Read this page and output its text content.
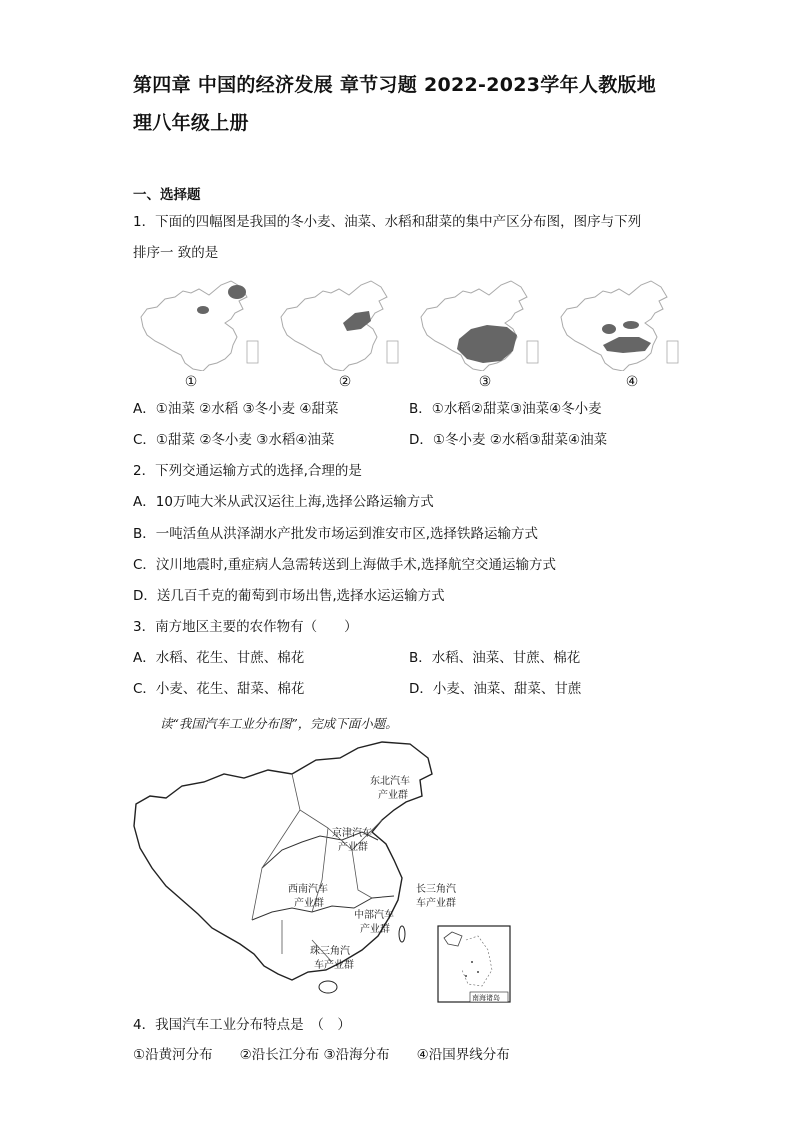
第四章 中国的经济发展 章节习题 2022-2023学年人教版地
理八年级上册
一、选择题
1．下面的四幅图是我国的冬小麦、油菜、水稻和甜菜的集中产区分布图，图序与下列
排序一 致的是
①	②	③	④
A．①油菜 ②水稻 ③冬小麦 ④甜菜	B．①水稻②甜菜③油菜④冬小麦
C．①甜菜 ②冬小麦 ③水稻④油菜	D．①冬小麦 ②水稻③甜菜④油菜
2．下列交通运输方式的选择,合理的是
A．10万吨大米从武汉运往上海,选择公路运输方式
B．一吨活鱼从洪泽湖水产批发市场运到淮安市区,选择铁路运输方式
C．汶川地震时,重症病人急需转送到上海做手术,选择航空交通运输方式
D．送几百千克的葡萄到市场出售,选择水运运输方式
3．南方地区主要的农作物有（　　）
A．水稻、花生、甘蔗、棉花	B．水稻、油菜、甘蔗、棉花
C．小麦、花生、甜菜、棉花	D．小麦、油菜、甜菜、甘蔗
读“我国汽车工业分布图”，完成下面小题。
东北汽车
产业群
京津汽车
产业群
西南汽车
产业群
长三角汽
车产业群
中部汽车
产业群
珠三角汽
车产业群
南海诸岛
4．我国汽车工业分布特点是　（　）
①沿黄河分布　　②沿长江分布 ③沿海分布　　④沿国界线分布
